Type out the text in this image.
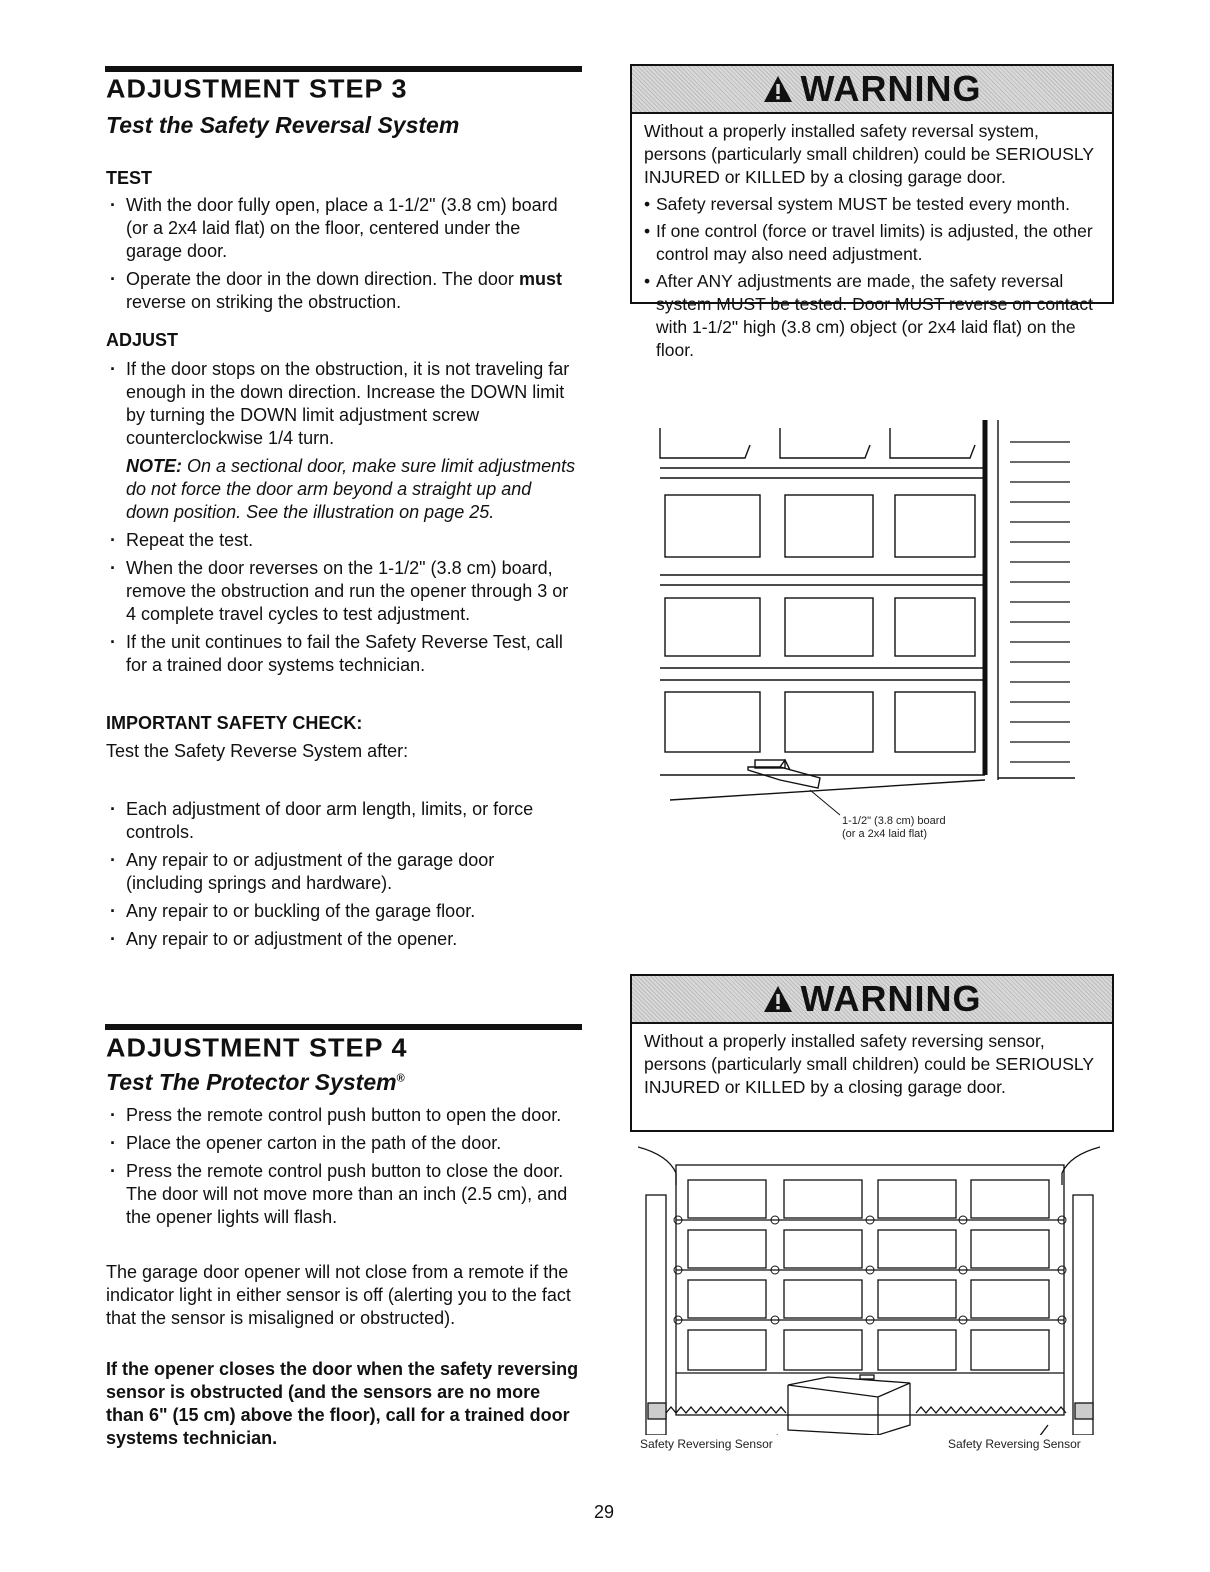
ADJUSTMENT STEP 3
Test the Safety Reversal System
TEST
· With the door fully open, place a 1-1/2" (3.8 cm) board (or a 2x4 laid flat) on the floor, centered under the garage door.
· Operate the door in the down direction. The door must reverse on striking the obstruction.
ADJUST
· If the door stops on the obstruction, it is not traveling far enough in the down direction. Increase the DOWN limit by turning the DOWN limit adjustment screw counterclockwise 1/4 turn.
NOTE: On a sectional door, make sure limit adjustments do not force the door arm beyond a straight up and down position. See the illustration on page 25.
· Repeat the test.
· When the door reverses on the 1-1/2" (3.8 cm) board, remove the obstruction and run the opener through 3 or 4 complete travel cycles to test adjustment.
· If the unit continues to fail the Safety Reverse Test, call for a trained door systems technician.
IMPORTANT SAFETY CHECK:

Test the Safety Reverse System after:

· Each adjustment of door arm length, limits, or force controls.
· Any repair to or adjustment of the garage door (including springs and hardware).
· Any repair to or buckling of the garage floor.
· Any repair to or adjustment of the opener.
ADJUSTMENT STEP 4
Test The Protector System®
· Press the remote control push button to open the door.
· Place the opener carton in the path of the door.
· Press the remote control push button to close the door. The door will not move more than an inch (2.5 cm), and the opener lights will flash.

The garage door opener will not close from a remote if the indicator light in either sensor is off (alerting you to the fact that the sensor is misaligned or obstructed).

If the opener closes the door when the safety reversing sensor is obstructed (and the sensors are no more than 6" (15 cm) above the floor), call for a trained door systems technician.

WARNING

Without a properly installed safety reversal system, persons (particularly small children) could be SERIOUSLY INJURED or KILLED by a closing garage door.

• Safety reversal system MUST be tested every month.
• If one control (force or travel limits) is adjusted, the other control may also need adjustment.
• After ANY adjustments are made, the safety reversal system MUST be tested. Door MUST reverse on contact with 1-1/2" high (3.8 cm) object (or 2x4 laid flat) on the floor.
1-1/2" (3.8 cm) board
(or a 2x4 laid flat)
WARNING

Without a properly installed safety reversing sensor, persons (particularly small children) could be SERIOUSLY INJURED or KILLED by a closing garage door.

Safety Reversing Sensor	Safety Reversing Sensor
29
